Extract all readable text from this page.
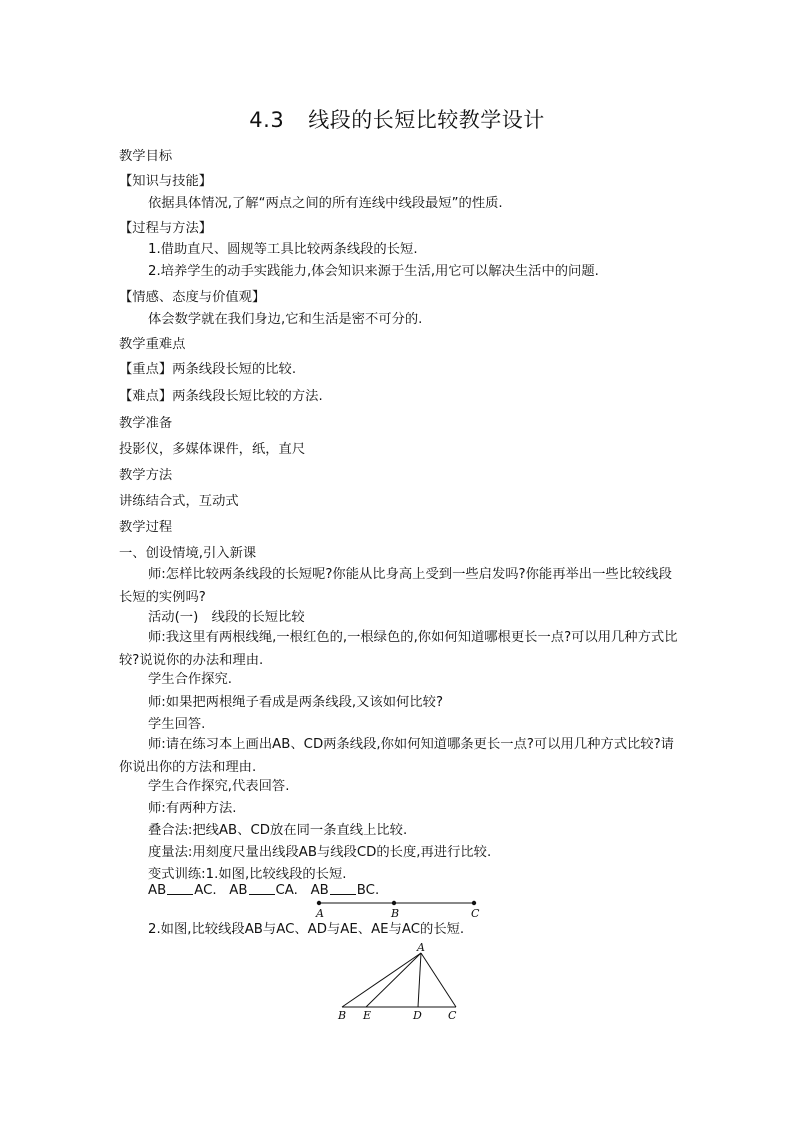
4.3 线段的长短比较教学设计
教学目标
【知识与技能】
依据具体情况,了解“两点之间的所有连线中线段最短”的性质.
【过程与方法】
1.借助直尺、圆规等工具比较两条线段的长短.
2.培养学生的动手实践能力,体会知识来源于生活,用它可以解决生活中的问题.
【情感、态度与价值观】
体会数学就在我们身边,它和生活是密不可分的.
教学重难点
【重点】两条线段长短的比较.
【难点】两条线段长短比较的方法.
教学准备
投影仪，多媒体课件，纸，直尺
教学方法
讲练结合式，互动式
教学过程
一、创设情境,引入新课
师:怎样比较两条线段的长短呢?你能从比身高上受到一些启发吗?你能再举出一些比较线段长短的实例吗?
活动(一)　线段的长短比较
师:我这里有两根线绳,一根红色的,一根绿色的,你如何知道哪根更长一点?可以用几种方式比较?说说你的办法和理由.
学生合作探究.
师:如果把两根绳子看成是两条线段,又该如何比较?
学生回答.
师:请在练习本上画出AB、CD两条线段,你如何知道哪条更长一点?可以用几种方式比较?请你说出你的方法和理由.
学生合作探究,代表回答.
师:有两种方法.
叠合法:把线AB、CD放在同一条直线上比较.
度量法:用刻度尺量出线段AB与线段CD的长度,再进行比较.
变式训练:1.如图,比较线段的长短.
AB AC. AB CA. AB BC.
A	B	C
2.如图,比较线段AB与AC、AD与AE、AE与AC的长短.
A
B E	D C
